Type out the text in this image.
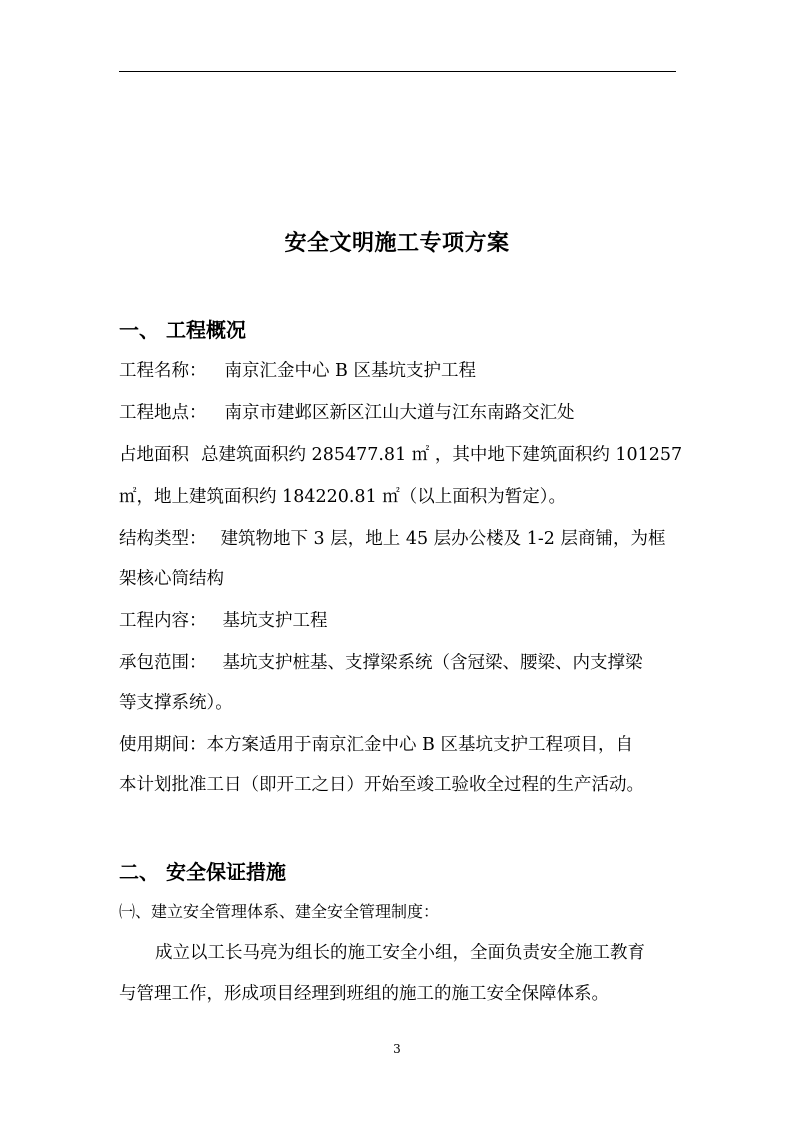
安全文明施工专项方案
一、 工程概况
工程名称： 南京汇金中心 B 区基坑支护工程
工程地点： 南京市建邺区新区江山大道与江东南路交汇处
占地面积 总建筑面积约 285477.81 ㎡ ，其中地下建筑面积约 101257
㎡，地上建筑面积约 184220.81 ㎡（以上面积为暂定）。
结构类型： 建筑物地下 3 层，地上 45 层办公楼及 1-2 层商铺，为框
架核心筒结构
工程内容： 基坑支护工程
承包范围： 基坑支护桩基、支撑梁系统（含冠梁、腰梁、内支撑梁
等支撑系统）。
使用期间：本方案适用于南京汇金中心 B 区基坑支护工程项目，自
本计划批准工日（即开工之日）开始至竣工验收全过程的生产活动。
二、 安全保证措施
㈠、建立安全管理体系、建全安全管理制度：
成立以工长马亮为组长的施工安全小组，全面负责安全施工教育
与管理工作，形成项目经理到班组的施工的施工安全保障体系。
3
